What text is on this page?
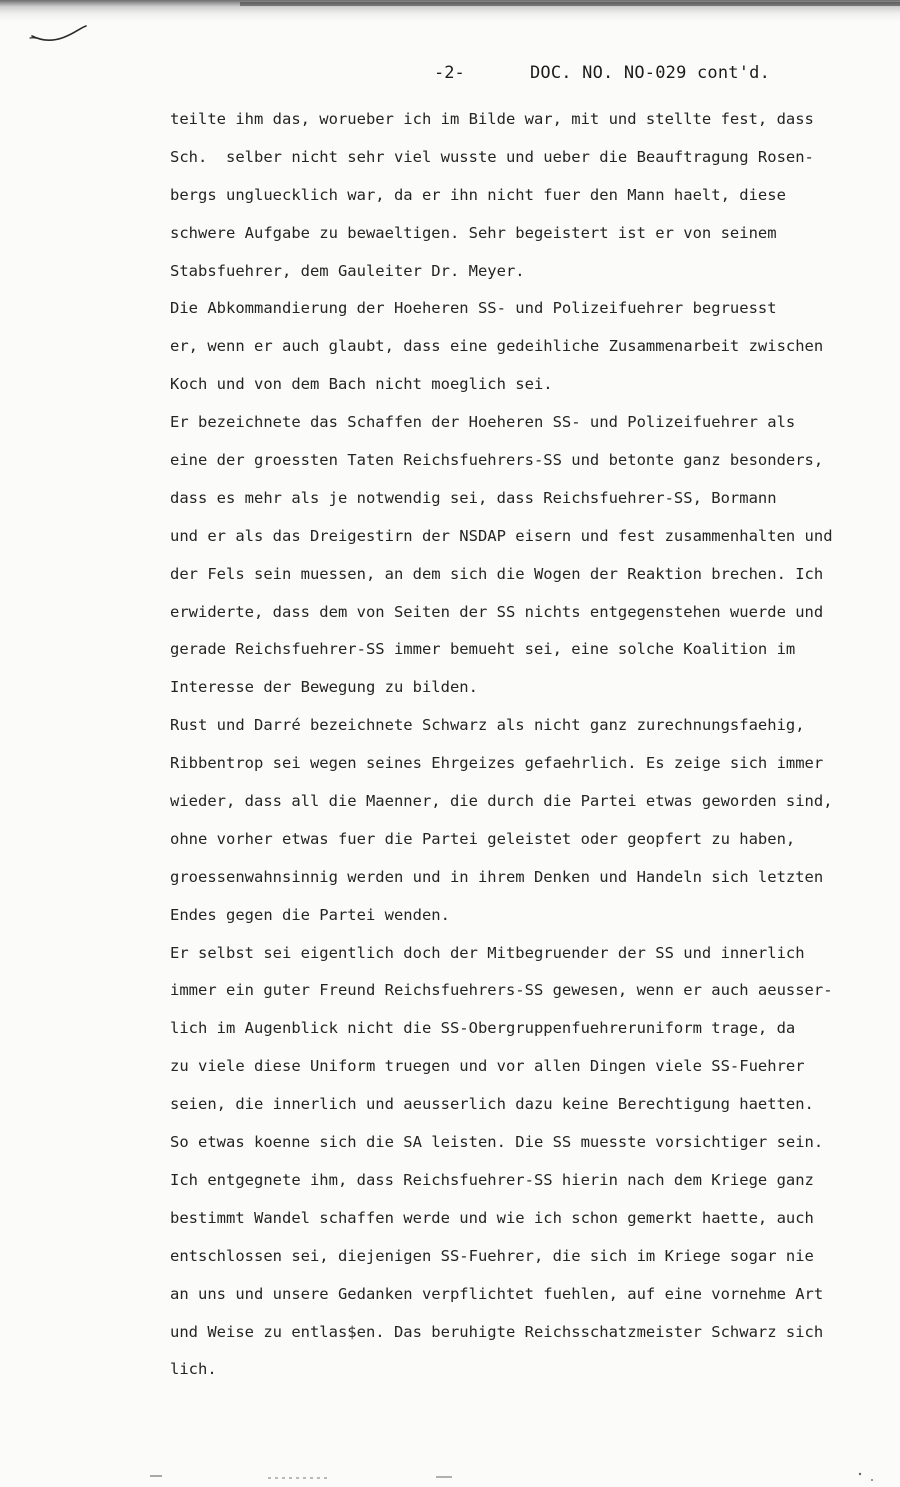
-2-	DOC. NO. NO-029 cont'd.
teilte ihm das, worueber ich im Bilde war, mit und stellte fest, dass
Sch.  selber nicht sehr viel wusste und ueber die Beauftragung Rosen-
bergs ungluecklich war, da er ihn nicht fuer den Mann haelt, diese
schwere Aufgabe zu bewaeltigen. Sehr begeistert ist er von seinem
Stabsfuehrer, dem Gauleiter Dr. Meyer.
Die Abkommandierung der Hoeheren SS- und Polizeifuehrer begruesst
er, wenn er auch glaubt, dass eine gedeihliche Zusammenarbeit zwischen
Koch und von dem Bach nicht moeglich sei.
Er bezeichnete das Schaffen der Hoeheren SS- und Polizeifuehrer als
eine der groessten Taten Reichsfuehrers-SS und betonte ganz besonders,
dass es mehr als je notwendig sei, dass Reichsfuehrer-SS, Bormann
und er als das Dreigestirn der NSDAP eisern und fest zusammenhalten und
der Fels sein muessen, an dem sich die Wogen der Reaktion brechen. Ich
erwiderte, dass dem von Seiten der SS nichts entgegenstehen wuerde und
gerade Reichsfuehrer-SS immer bemueht sei, eine solche Koalition im
Interesse der Bewegung zu bilden.
Rust und Darré bezeichnete Schwarz als nicht ganz zurechnungsfaehig,
Ribbentrop sei wegen seines Ehrgeizes gefaehrlich. Es zeige sich immer
wieder, dass all die Maenner, die durch die Partei etwas geworden sind,
ohne vorher etwas fuer die Partei geleistet oder geopfert zu haben,
groessenwahnsinnig werden und in ihrem Denken und Handeln sich letzten
Endes gegen die Partei wenden.
Er selbst sei eigentlich doch der Mitbegruender der SS und innerlich
immer ein guter Freund Reichsfuehrers-SS gewesen, wenn er auch aeusser-
lich im Augenblick nicht die SS-Obergruppenfuehreruniform trage, da
zu viele diese Uniform truegen und vor allen Dingen viele SS-Fuehrer
seien, die innerlich und aeusserlich dazu keine Berechtigung haetten.
So etwas koenne sich die SA leisten. Die SS muesste vorsichtiger sein.
Ich entgegnete ihm, dass Reichsfuehrer-SS hierin nach dem Kriege ganz
bestimmt Wandel schaffen werde und wie ich schon gemerkt haette, auch
entschlossen sei, diejenigen SS-Fuehrer, die sich im Kriege sogar nie
an uns und unsere Gedanken verpflichtet fuehlen, auf eine vornehme Art
und Weise zu entlas$en. Das beruhigte Reichsschatzmeister Schwarz sich
lich.
